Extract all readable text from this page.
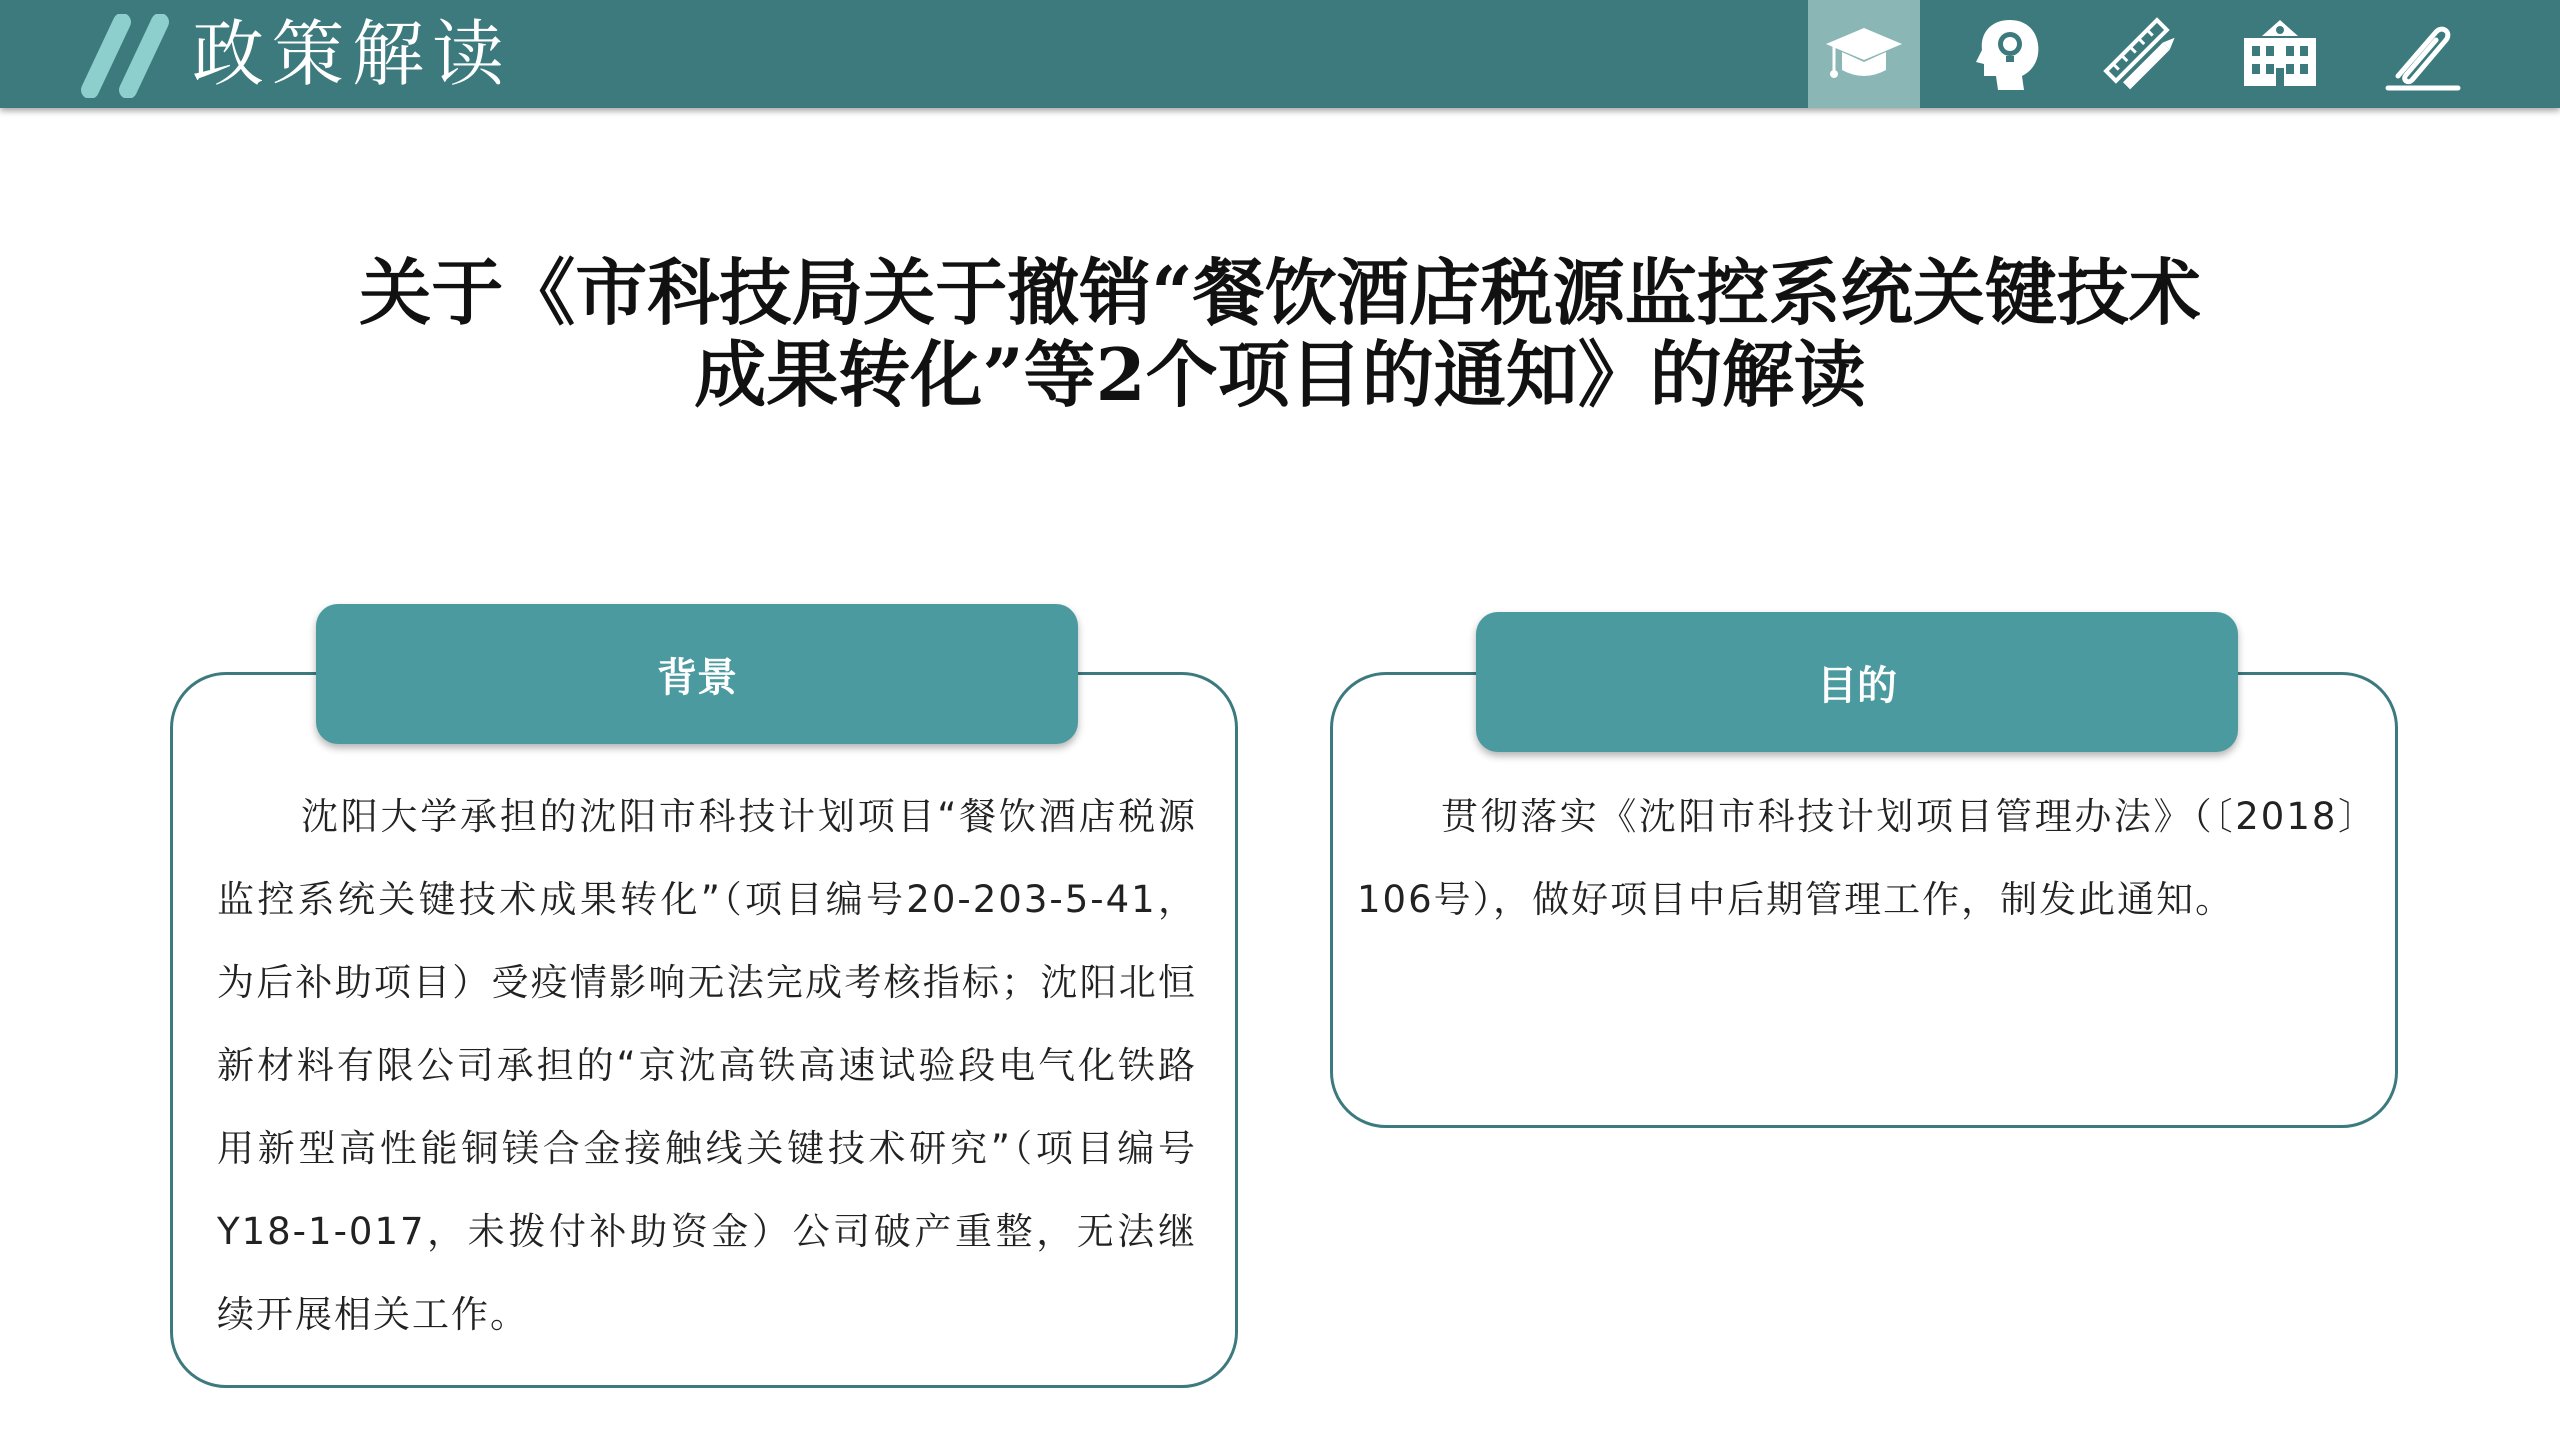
政策解读
关于《市科技局关于撤销“餐饮酒店税源监控系统关键技术
成果转化”等2个项目的通知》的解读
沈阳大学承担的沈阳市科技计划项目“餐饮酒店税源监控系统关键技术成果转化”（项目编号20-203-5-41，为后补助项目）受疫情影响无法完成考核指标；沈阳北恒新材料有限公司承担的“京沈高铁高速试验段电气化铁路用新型高性能铜镁合金接触线关键技术研究”（项目编号Y18-1-017，未拨付补助资金）公司破产重整，无法继续开展相关工作。
背景
贯彻落实《沈阳市科技计划项目管理办法》（〔2018〕106号），做好项目中后期管理工作，制发此通知。
目的
